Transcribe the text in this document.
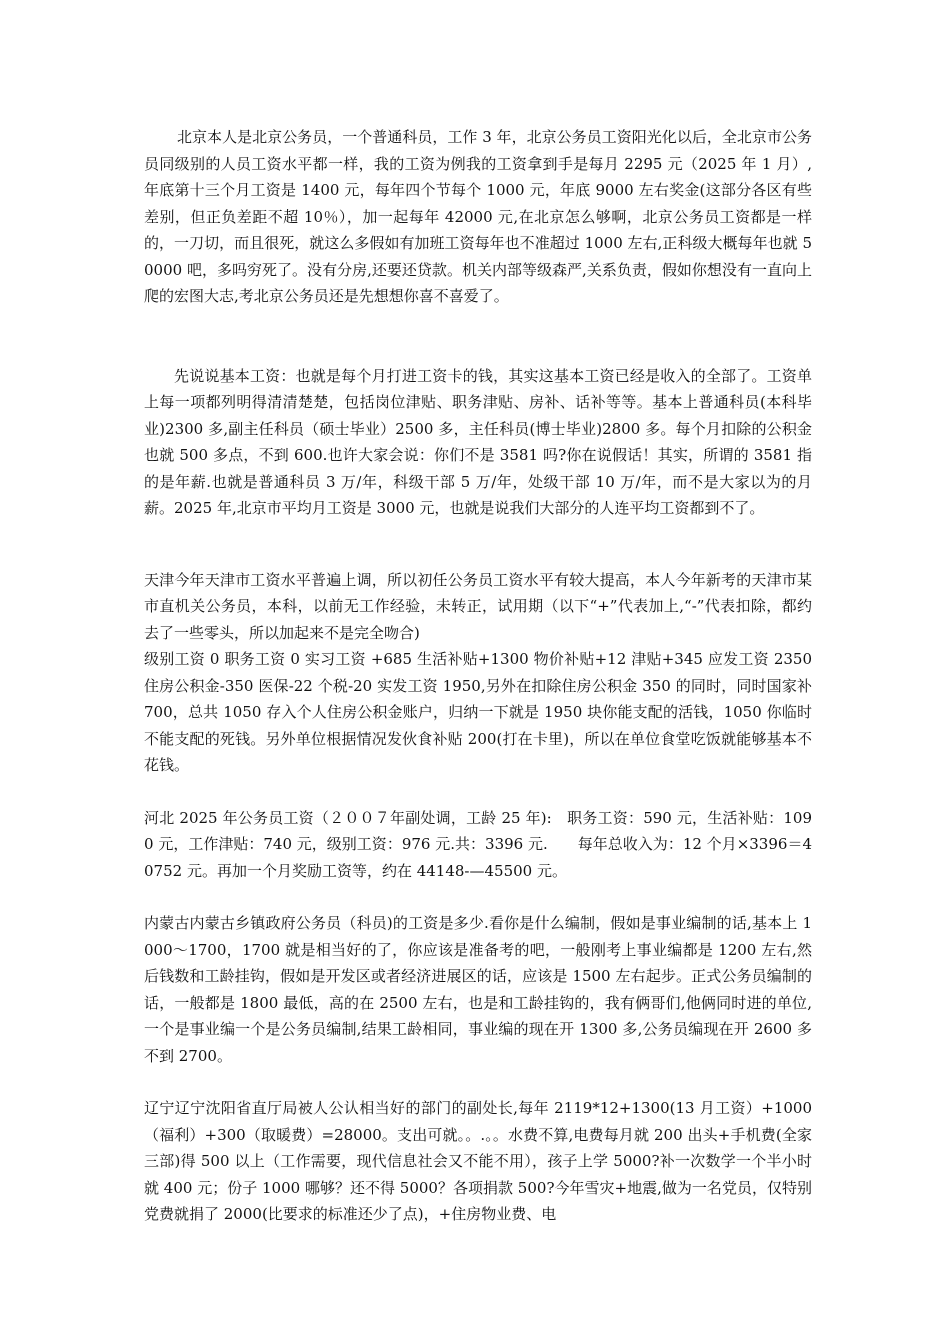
北京本人是北京公务员，一个普通科员，工作 3 年，北京公务员工资阳光化以后，全北京市公务员同级别的人员工资水平都一样，我的工资为例我的工资拿到手是每月 2295 元（2025 年 1 月）,年底第十三个月工资是 1400 元，每年四个节每个 1000 元，年底 9000 左右奖金(这部分各区有些差别，但正负差距不超 10％），加一起每年 42000 元,在北京怎么够啊，北京公务员工资都是一样的，一刀切，而且很死，就这么多假如有加班工资每年也不准超过 1000 左右,正科级大概每年也就 50000 吧，多吗穷死了。没有分房,还要还贷款。机关内部等级森严,关系负责，假如你想没有一直向上爬的宏图大志,考北京公务员还是先想想你喜不喜爱了。

先说说基本工资：也就是每个月打进工资卡的钱，其实这基本工资已经是收入的全部了。工资单上每一项都列明得清清楚楚，包括岗位津贴、职务津贴、房补、话补等等。基本上普通科员(本科毕业)2300 多,副主任科员（硕士毕业）2500 多，主任科员(博士毕业)2800 多。每个月扣除的公积金也就 500 多点，不到 600.也许大家会说：你们不是 3581 吗?你在说假话！其实，所谓的 3581 指的是年薪.也就是普通科员 3 万/年，科级干部 5 万/年，处级干部 10 万/年，而不是大家以为的月薪。2025 年,北京市平均月工资是 3000 元，也就是说我们大部分的人连平均工资都到不了。

天津今年天津市工资水平普遍上调，所以初任公务员工资水平有较大提高，本人今年新考的天津市某市直机关公务员，本科，以前无工作经验，未转正，试用期（以下“+”代表加上,“-”代表扣除，都约去了一些零头，所以加起来不是完全吻合)

级别工资 0 职务工资 0 实习工资 +685 生活补贴+1300 物价补贴+12 津贴+345 应发工资 2350 住房公积金-350 医保-22 个税-20 实发工资 1950,另外在扣除住房公积金 350 的同时，同时国家补 700，总共 1050 存入个人住房公积金账户，归纳一下就是 1950 块你能支配的活钱，1050 你临时不能支配的死钱。另外单位根据情况发伙食补贴 200(打在卡里)，所以在单位食堂吃饭就能够基本不花钱。

河北 2025 年公务员工资（２００７年副处调，工龄 25 年):　职务工资：590 元，生活补贴：1090 元，工作津贴：740 元，级别工资：976 元.共：3396 元.　　每年总收入为：12 个月×3396＝40752 元。再加一个月奖励工资等，约在 44148-—45500 元。

内蒙古内蒙古乡镇政府公务员（科员)的工资是多少.看你是什么编制，假如是事业编制的话,基本上 1000～1700，1700 就是相当好的了，你应该是准备考的吧，一般刚考上事业编都是 1200 左右,然后钱数和工龄挂钩，假如是开发区或者经济进展区的话，应该是 1500 左右起步。正式公务员编制的话，一般都是 1800 最低，高的在 2500 左右，也是和工龄挂钩的，我有俩哥们,他俩同时进的单位,一个是事业编一个是公务员编制,结果工龄相同，事业编的现在开 1300 多,公务员编现在开 2600 多不到 2700。

辽宁辽宁沈阳省直厅局被人公认相当好的部门的副处长,每年 2119*12+1300(13 月工资）+1000（福利）+300（取暖费）=28000。支出可就。。.。。水费不算,电费每月就 200 出头+手机费(全家三部)得 500 以上（工作需要，现代信息社会又不能不用），孩子上学 5000?补一次数学一个半小时就 400 元；份子 1000 哪够？还不得 5000？各项捐款 500?今年雪灾+地震,做为一名党员，仅特别党费就捐了 2000(比要求的标准还少了点)，+住房物业费、电
